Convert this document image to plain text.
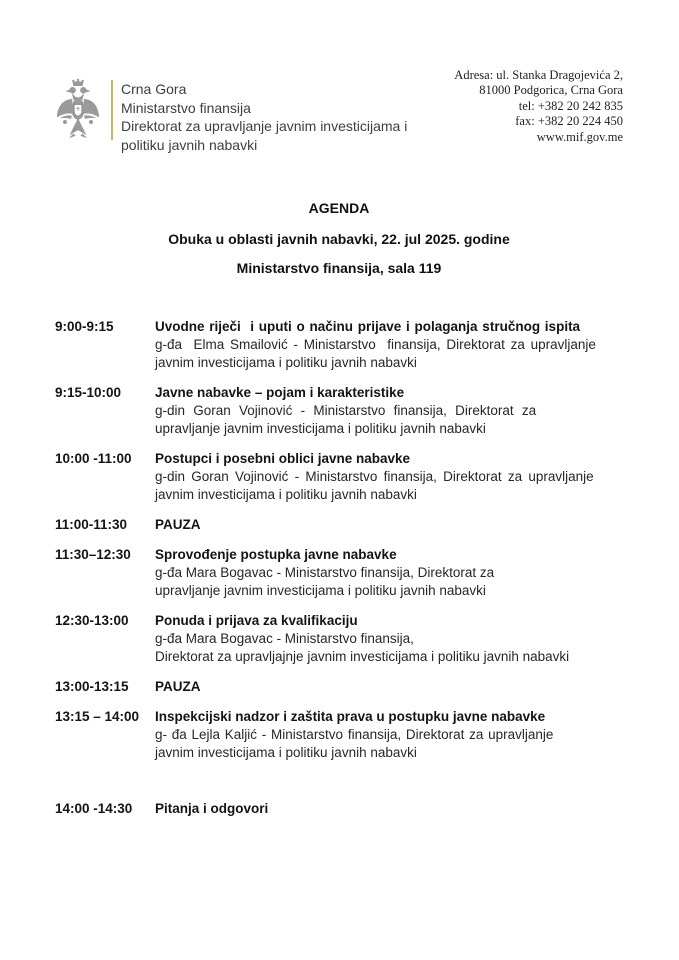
Crna Gora
Ministarstvo finansija
Direktorat za upravljanje javnim investicijama i
politiku javnih nabavki
Adresa: ul. Stanka Dragojevića 2,
81000 Podgorica, Crna Gora
tel: +382 20 242 835
fax: +382 20 224 450
www.mif.gov.me
AGENDA
Obuka u oblasti javnih nabavki, 22. jul 2025. godine
Ministarstvo finansija, sala 119
9:00-9:15	Uvodne riječi  i uputi o načinu prijave i polaganja stručnog ispita
g-đa  Elma Smailović - Ministarstvo  finansija, Direktorat za upravljanje
javnim investicijama i politiku javnih nabavki
9:15-10:00	Javne nabavke – pojam i karakteristike
g-din Goran Vojinović - Ministarstvo finansija, Direktorat za
upravljanje javnim investicijama i politiku javnih nabavki
10:00 -11:00	Postupci i posebni oblici javne nabavke
g-din Goran Vojinović - Ministarstvo finansija, Direktorat za upravljanje
javnim investicijama i politiku javnih nabavki
11:00-11:30	PAUZA
11:30–12:30	Sprovođenje postupka javne nabavke
g-đa Mara Bogavac - Ministarstvo finansija, Direktorat za
upravljanje javnim investicijama i politiku javnih nabavki
12:30-13:00	Ponuda i prijava za kvalifikaciju
g-đa Mara Bogavac - Ministarstvo finansija,
Direktorat za upravljajnje javnim investicijama i politiku javnih nabavki
13:00-13:15	PAUZA
13:15 – 14:00	Inspekcijski nadzor i zaštita prava u postupku javne nabavke
g- đa Lejla Kaljić - Ministarstvo finansija, Direktorat za upravljanje
javnim investicijama i politiku javnih nabavki
14:00 -14:30	Pitanja i odgovori
